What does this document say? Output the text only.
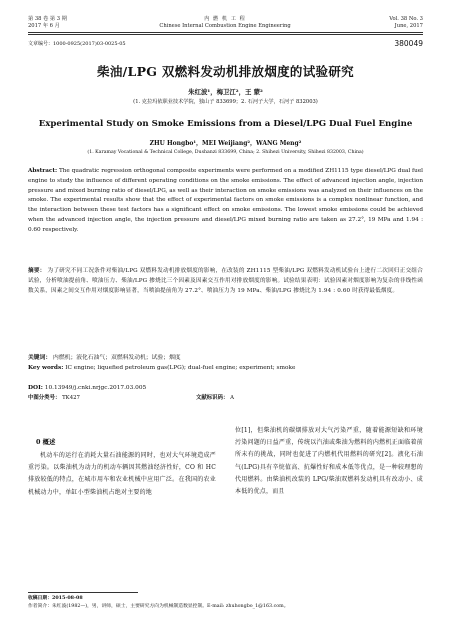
第 38 卷 第 3 期
2017 年 6 月
内 燃 机 工 程
Chinese Internal Combustion Engine Engineering
Vol. 38 No. 3
June, 2017
文章编号：1000-0925(2017)03-0025-05	380049
柴油/LPG 双燃料发动机排放烟度的试验研究
朱红波¹，梅卫江²，王 蒙²
(1. 克拉玛依职业技术学院，独山子 833699；2. 石河子大学，石河子 832003)
Experimental Study on Smoke Emissions from a Diesel/LPG Dual Fuel Engine
ZHU Hongbo¹，MEI Weijiang²，WANG Meng²
(1. Karamay Vocational & Technical College, Dushanzi 833699, China; 2. Shihezi University, Shihezi 832003, China)
Abstract: The quadratic regression orthogonal composite experiments were performed on a modified ZH1115 type diesel/LPG dual fuel engine to study the influence of different operating conditions on the smoke emissions. The effect of advanced injection angle, injection pressure and mixed burning ratio of diesel/LPG, as well as their interaction on smoke emissions was analyzed on their influences on the smoke. The experimental results show that the effect of experimental factors on smoke emissions is a complex nonlinear function, and the interaction between these test factors has a significant effect on smoke emissions. The lowest smoke emissions could be achieved when the advanced injection angle, the injection pressure and diesel/LPG mixed burning ratio are taken as 27.2°, 19 MPa and 1.94 : 0.60 respectively.
摘要： 为了研究不同工况条件对柴油/LPG 双燃料发动机排放烟度的影响，在改装的 ZH1115 型柴油/LPG 双燃料发动机试验台上进行二次回归正交组合试验，分析喷油提前角、喷油压力、柴油/LPG 掺烧比三个因素及因素交互作用对排放烟度的影响。试验结果表明：试验因素对烟度影响为复杂的非线性函数关系，因素之间交互作用对烟度影响显著，当喷油提前角为 27.2°、喷油压力为 19 MPa、柴油/LPG 掺烧比为 1.94 : 0.60 时获得最低烟度。
关键词： 内燃机；液化石油气；双燃料发动机；试验；烟度
Key words: IC engine; liquefied petroleum gas(LPG); dual-fuel engine; experiment; smoke
DOI: 10.13949/j.cnki.nrjgc.2017.03.005
中图分类号： TK427	文献标识码： A
0 概述
机动车的运行在消耗大量石油能源的同时，也对大气环境造成严重污染。以柴油机为动力的机动车辆因其燃油经济性好，CO 和 HC 排放较低的特点，在城市用车和农业机械中应用广泛。在我国的农业机械动力中，单缸小型柴油机占绝对主要的地
位[1]，但柴油机的碳烟排放对大气污染严重，随着能源短缺和环境污染问题的日益严重，传统以汽油或柴油为燃料的内燃机正面临着前所未有的挑战，同时也促进了内燃机代用燃料的研究[2]。液化石油气(LPG)具有辛烷值高、抗爆性好和成本低等优点，是一种较理想的代用燃料。由柴油机改装的 LPG/柴油双燃料发动机具有改动小、成本低的优点，而且
收稿日期：2015-08-08
作者简介：朱红波(1982—)，男，讲师，硕士，主要研究方向为机械制造数显控制。E-mail: zhuhongbo_1@163.com。
